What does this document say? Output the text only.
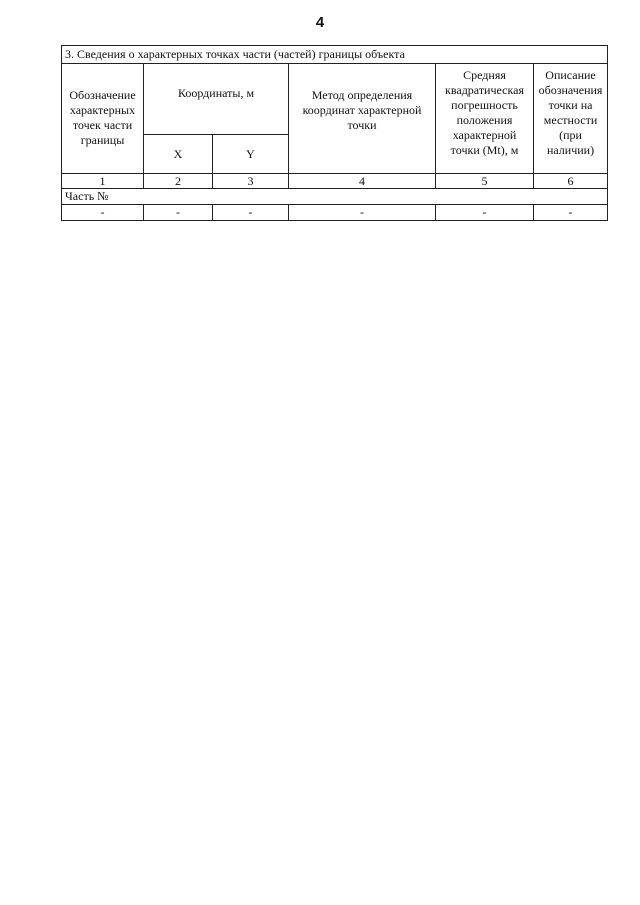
4
3. Сведения о характерных точках части (частей) границы объекта					
Обозначение характерных точек части границы	Координаты, м		Метод определения координат характерной точки	Средняя квадратическая погрешность положения характерной точки (Mt), м	Описание обозначения точки на местности (при наличии)
	X	Y			
1	2	3	4	5	6
Часть №					
-	-	-	-	-	-
